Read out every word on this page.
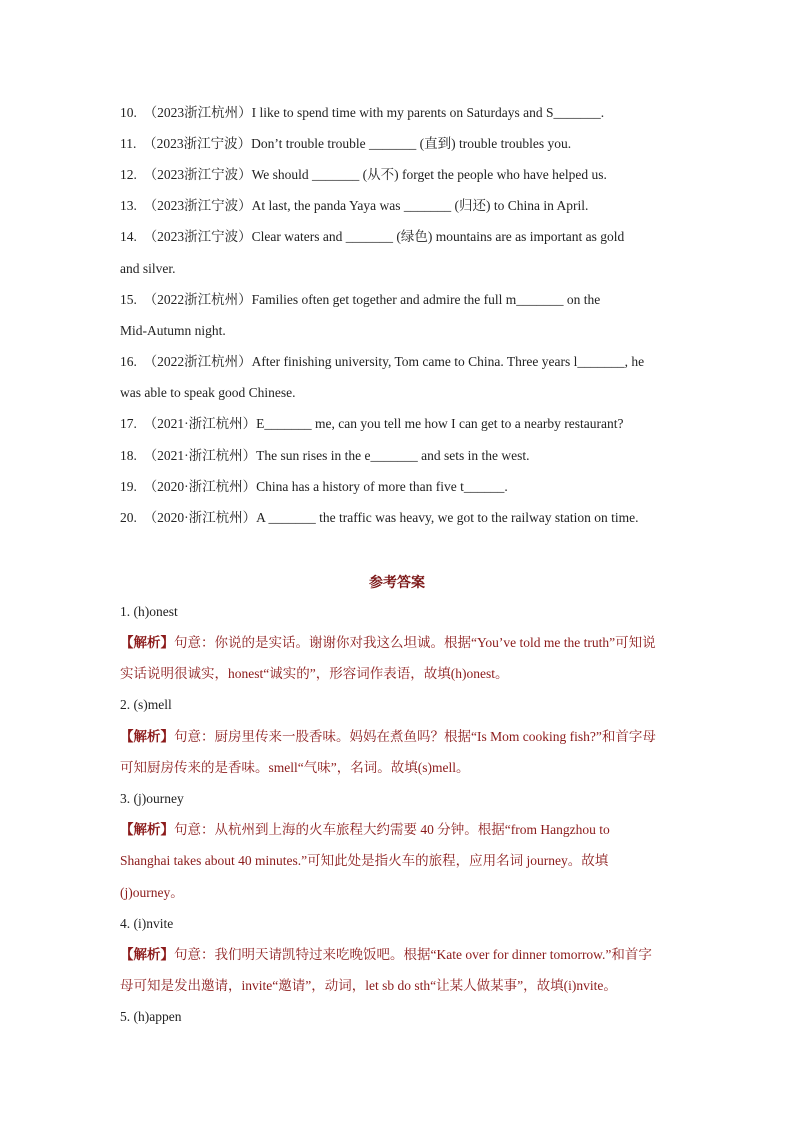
10.　（2023浙江杭州）I like to spend time with my parents on Saturdays and S_______.
11.　（2023浙江宁波）Don’t trouble trouble _______ (直到) trouble troubles you.
12.　（2023浙江宁波）We should _______ (从不) forget the people who have helped us.
13.　（2023浙江宁波）At last, the panda Yaya was _______ (归还) to China in April.
14.　（2023浙江宁波）Clear waters and _______ (绿色) mountains are as important as gold
and silver.
15.　（2022浙江杭州）Families often get together and admire the full m_______ on the
Mid-Autumn night.
16.　（2022浙江杭州）After finishing university, Tom came to China. Three years l_______, he
was able to speak good Chinese.
17.　（2021·浙江杭州）E_______ me, can you tell me how I can get to a nearby restaurant?
18.　（2021·浙江杭州）The sun rises in the e_______ and sets in the west.
19.　（2020·浙江杭州）China has a history of more than five t______.
20.　（2020·浙江杭州）A _______ the traffic was heavy, we got to the railway station on time.
参考答案
1. (h)onest
【解析】句意：你说的是实话。谢谢你对我这么坦诚。根据“You’ve told me the truth”可知说
实话说明很诚实，honest“诚实的”，形容词作表语，故填(h)onest。
2. (s)mell
【解析】句意：厨房里传来一股香味。妈妈在煮鱼吗？根据“Is Mom cooking fish?”和首字母
可知厨房传来的是香味。smell“气味”，名词。故填(s)mell。
3. (j)ourney
【解析】句意：从杭州到上海的火车旅程大约需要 40 分钟。根据“from Hangzhou to
Shanghai takes about 40 minutes.”可知此处是指火车的旅程，应用名词 journey。故填
(j)ourney。
4. (i)nvite
【解析】句意：我们明天请凯特过来吃晚饭吧。根据“Kate over for dinner tomorrow.”和首字
母可知是发出邀请，invite“邀请”，动词，let sb do sth“让某人做某事”，故填(i)nvite。
5. (h)appen
